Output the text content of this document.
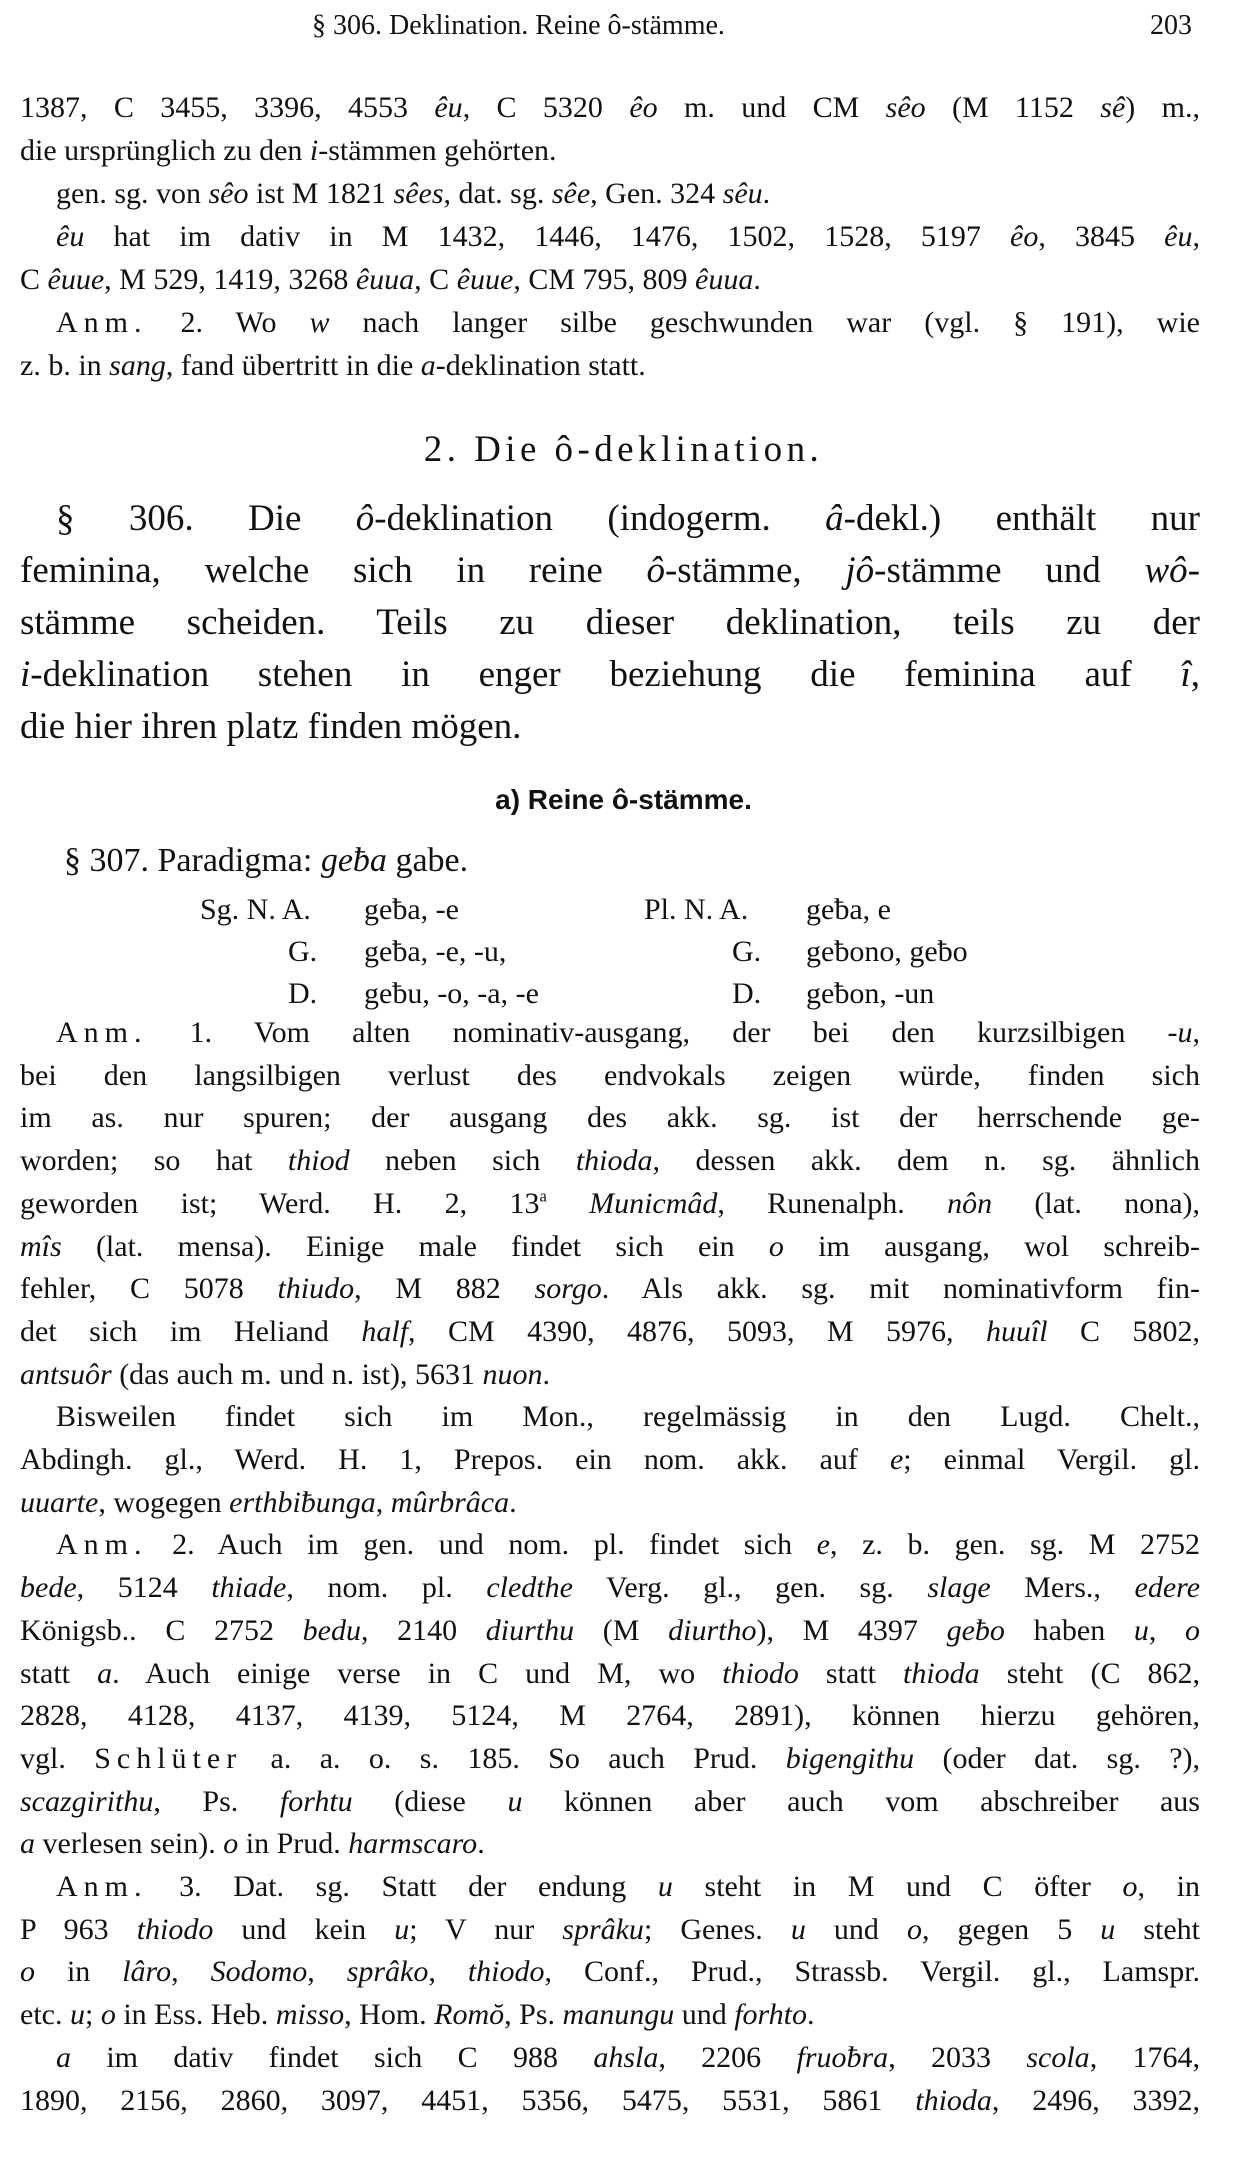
§ 306. Deklination. Reine ô-stämme.	203
1387, C 3455, 3396, 4553 êu, C 5320 êo m. und CM sêo (M 1152 sê) m.,
die ursprünglich zu den i-stämmen gehörten.
gen. sg. von sêo ist M 1821 sêes, dat. sg. sêe, Gen. 324 sêu.
êu hat im dativ in M 1432, 1446, 1476, 1502, 1528, 5197 êo, 3845 êu,
C êuue, M 529, 1419, 3268 êuua, C êuue, CM 795, 809 êuua.
Anm. 2. Wo w nach langer silbe geschwunden war (vgl. § 191), wie
z. b. in sang, fand übertritt in die a-deklination statt.
2. Die ô-deklination.
§ 306. Die ô-deklination (indogerm. â-dekl.) enthält nur
feminina, welche sich in reine ô-stämme, jô-stämme und wô-
stämme scheiden. Teils zu dieser deklination, teils zu der
i-deklination stehen in enger beziehung die feminina auf î,
die hier ihren platz finden mögen.
a) Reine ô-stämme.
§ 307. Paradigma: geƀa gabe.
Sg. N. A. geƀa, -e	Pl. N. A. geƀa, e
G. geƀa, -e, -u,	G. geƀono, geƀo
D. geƀu, -o, -a, -e	D. geƀon, -un
Anm. 1. Vom alten nominativ-ausgang, der bei den kurzsilbigen -u,
bei den langsilbigen verlust des endvokals zeigen würde, finden sich
im as. nur spuren; der ausgang des akk. sg. ist der herrschende ge-
worden; so hat thiod neben sich thioda, dessen akk. dem n. sg. ähnlich
geworden ist; Werd. H. 2, 13$^a$ Municmâd, Runenalph. nôn (lat. nona),
mîs (lat. mensa). Einige male findet sich ein o im ausgang, wol schreib-
fehler, C 5078 thiudo, M 882 sorgo. Als akk. sg. mit nominativform fin-
det sich im Heliand half, CM 4390, 4876, 5093, M 5976, huuîl C 5802,
antsuôr (das auch m. und n. ist), 5631 nuon.
Bisweilen findet sich im Mon., regelmässig in den Lugd. Chelt.,
Abdingh. gl., Werd. H. 1, Prepos. ein nom. akk. auf e; einmal Vergil. gl.
uuarte, wogegen erthbiƀunga, mûrbrâca.
Anm. 2. Auch im gen. und nom. pl. findet sich e, z. b. gen. sg. M 2752
bede, 5124 thiade, nom. pl. cledthe Verg. gl., gen. sg. slage Mers., edere
Königsb.. C 2752 bedu, 2140 diurthu (M diurtho), M 4397 geƀo haben u, o
statt a. Auch einige verse in C und M, wo thiodo statt thioda steht (C 862,
2828, 4128, 4137, 4139, 5124, M 2764, 2891), können hierzu gehören,
vgl. Schlüter a. a. o. s. 185. So auch Prud. bigengithu (oder dat. sg. ?),
scazgirithu, Ps. forhtu (diese u können aber auch vom abschreiber aus
a verlesen sein). o in Prud. harmscaro.
Anm. 3. Dat. sg. Statt der endung u steht in M und C öfter o, in
P 963 thiodo und kein u; V nur sprâku; Genes. u und o, gegen 5 u steht
o in lâro, Sodomo, sprâko, thiodo, Conf., Prud., Strassb. Vergil. gl., Lamspr.
etc. u; o in Ess. Heb. misso, Hom. Romŏ, Ps. manungu und forhto.
a im dativ findet sich C 988 ahsla, 2206 fruoƀra, 2033 scola, 1764,
1890, 2156, 2860, 3097, 4451, 5356, 5475, 5531, 5861 thioda, 2496, 3392,
